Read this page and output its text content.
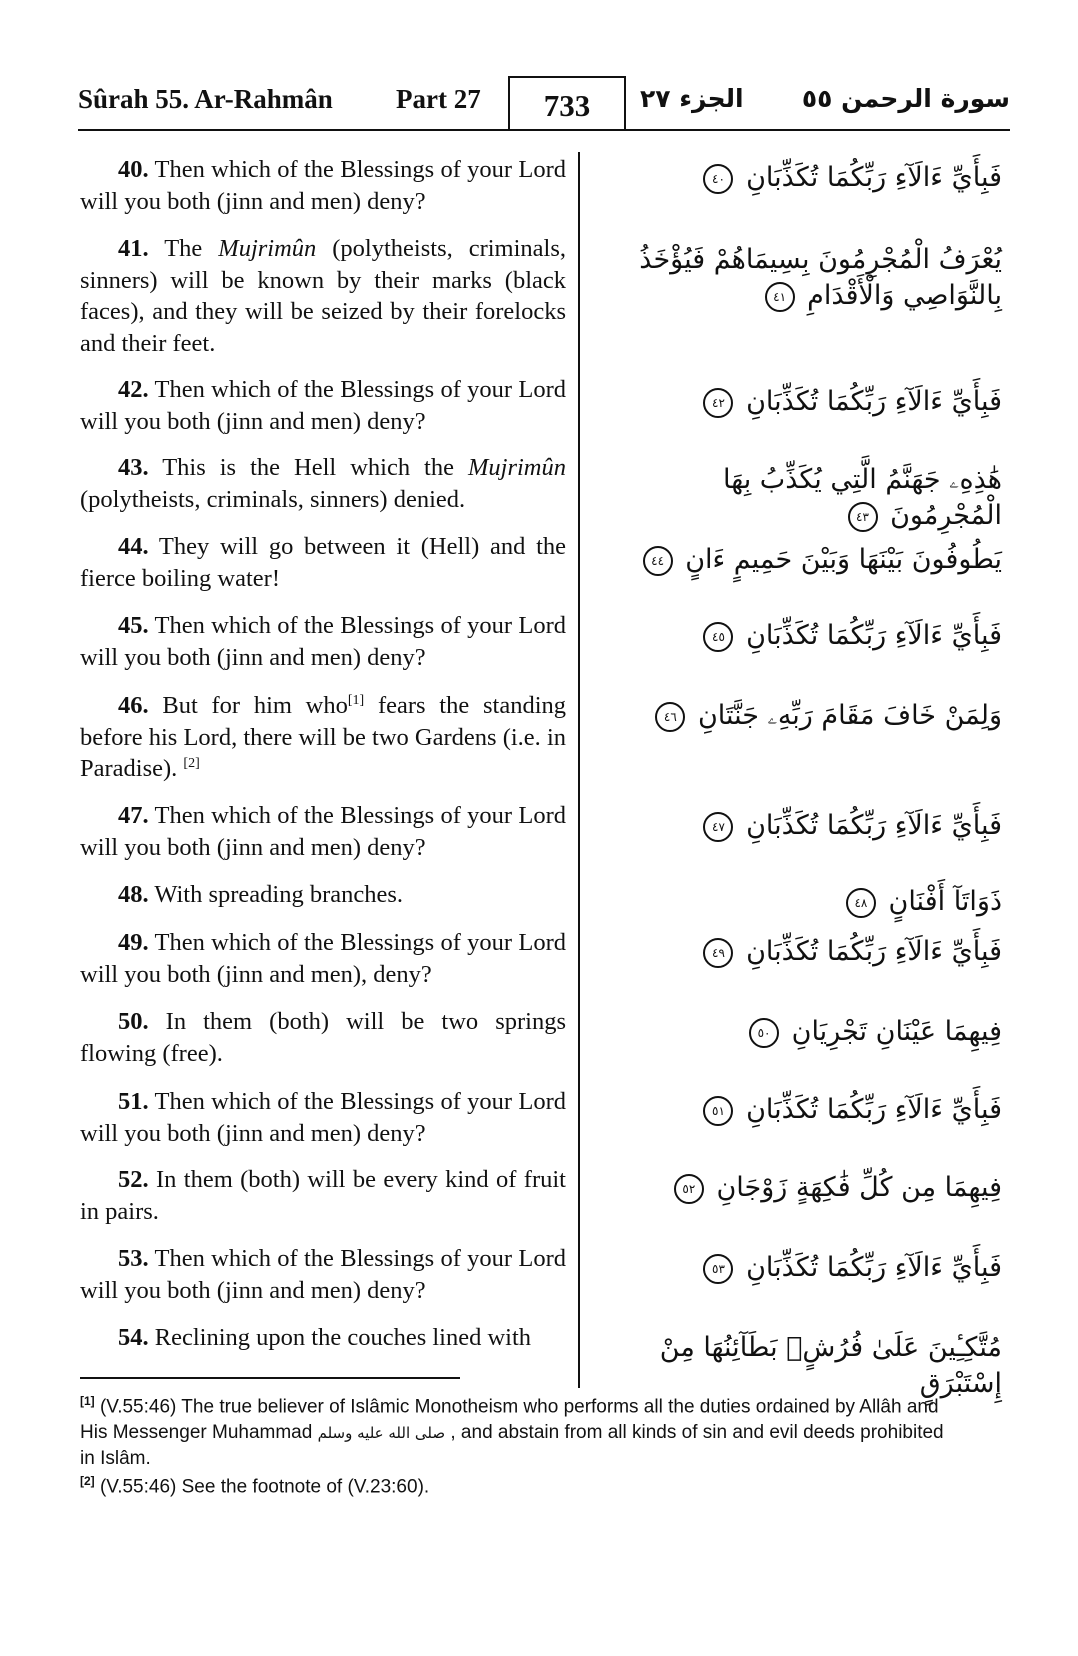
Sûrah 55. Ar-Rahmân Part 27	733	الجزء ٢٧ سورة الرحمن ٥٥
40. Then which of the Blessings of your Lord will you both (jinn and men) deny?
41. The Mujrimûn (polytheists, criminals, sinners) will be known by their marks (black faces), and they will be seized by their forelocks and their feet.
42. Then which of the Blessings of your Lord will you both (jinn and men) deny?
43. This is the Hell which the Mujrimûn (polytheists, criminals, sinners) denied.
44. They will go between it (Hell) and the fierce boiling water!
45. Then which of the Blessings of your Lord will you both (jinn and men) deny?
46. But for him who[1] fears the standing before his Lord, there will be two Gardens (i.e. in Paradise). [2]
47. Then which of the Blessings of your Lord will you both (jinn and men) deny?
48. With spreading branches.
49. Then which of the Blessings of your Lord will you both (jinn and men), deny?
50. In them (both) will be two springs flowing (free).
51. Then which of the Blessings of your Lord will you both (jinn and men) deny?
52. In them (both) will be every kind of fruit in pairs.
53. Then which of the Blessings of your Lord will you both (jinn and men) deny?
54. Reclining upon the couches lined with
فَبِأَيِّ ءَالَآءِ رَبِّكُمَا تُكَذِّبَانِ ٤٠
يُعْرَفُ الْمُجْرِمُونَ بِسِيمَاهُمْ فَيُؤْخَذُ بِالنَّوَاصِي وَالْأَقْدَامِ ٤١
فَبِأَيِّ ءَالَآءِ رَبِّكُمَا تُكَذِّبَانِ ٤٢
هَٰذِهِۦ جَهَنَّمُ الَّتِي يُكَذِّبُ بِهَا الْمُجْرِمُونَ ٤٣
يَطُوفُونَ بَيْنَهَا وَبَيْنَ حَمِيمٍ ءَانٍ ٤٤
فَبِأَيِّ ءَالَآءِ رَبِّكُمَا تُكَذِّبَانِ ٤٥
وَلِمَنْ خَافَ مَقَامَ رَبِّهِۦ جَنَّتَانِ ٤٦
فَبِأَيِّ ءَالَآءِ رَبِّكُمَا تُكَذِّبَانِ ٤٧
ذَوَاتَآ أَفْنَانٍ ٤٨
فَبِأَيِّ ءَالَآءِ رَبِّكُمَا تُكَذِّبَانِ ٤٩
فِيهِمَا عَيْنَانِ تَجْرِيَانِ ٥٠
فَبِأَيِّ ءَالَآءِ رَبِّكُمَا تُكَذِّبَانِ ٥١
فِيهِمَا مِن كُلِّ فَٰكِهَةٍ زَوْجَانِ ٥٢
فَبِأَيِّ ءَالَآءِ رَبِّكُمَا تُكَذِّبَانِ ٥٣
مُتَّكِـِٔينَ عَلَىٰ فُرُشٍۭ بَطَآئِنُهَا مِنْ إِسْتَبْرَقٍ
[1] (V.55:46) The true believer of Islâmic Monotheism who performs all the duties ordained by Allâh and His Messenger Muhammad صلى الله عليه وسلم , and abstain from all kinds of sin and evil deeds prohibited in Islâm.
[2] (V.55:46) See the footnote of (V.23:60).
